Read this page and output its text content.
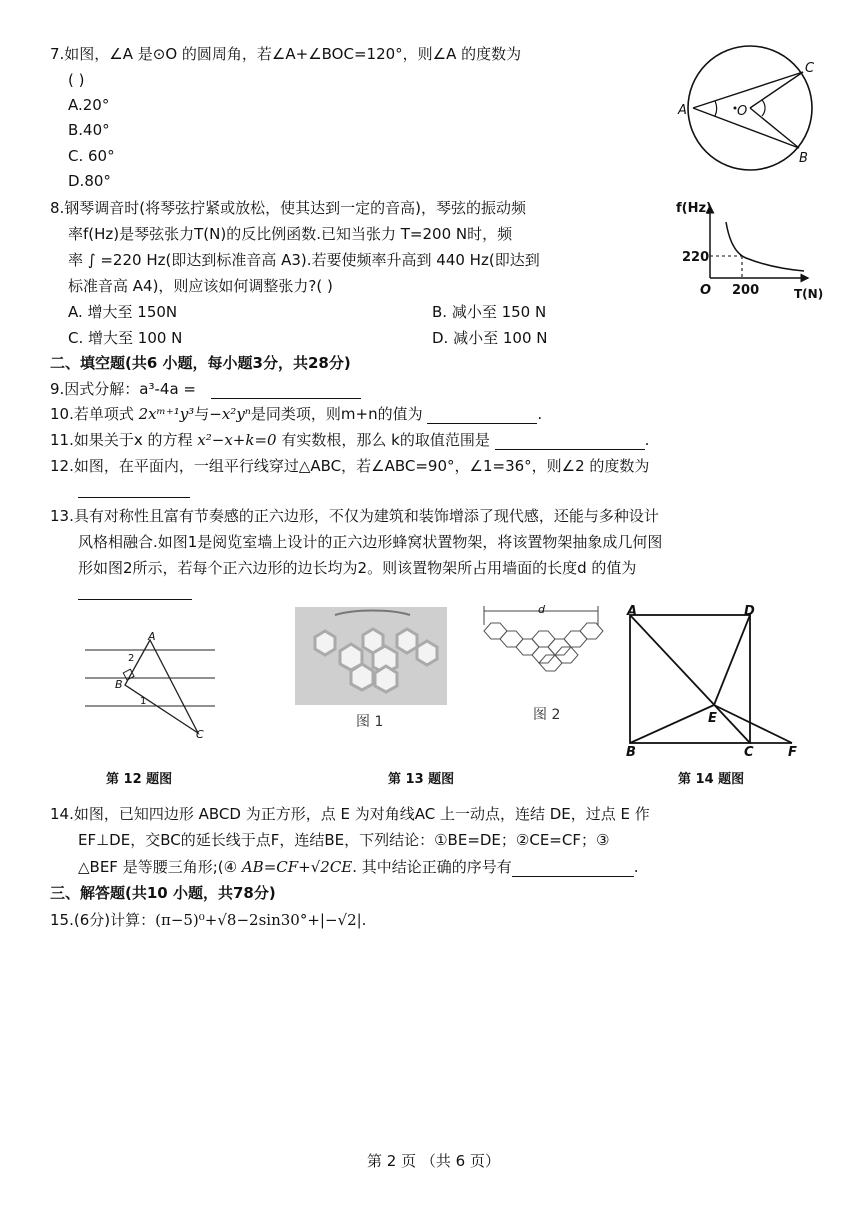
7.如图，∠A 是⊙O 的圆周角，若∠A+∠BOC=120°，则∠A 的度数为
( )
A.20°
B.40°
C. 60°
D.80°
A
C
B
O
8.钢琴调音时(将琴弦拧紧或放松，使其达到一定的音高)，琴弦的振动频
率f(Hz)是琴弦张力T(N)的反比例函数.已知当张力 T=200 N时，频
率 ∫ =220 Hz(即达到标准音高 A3).若要使频率升高到 440 Hz(即达到
标准音高 A4)，则应该如何调整张力?( )
A. 增大至 150N	B. 减小至 150 N
C. 增大至 100 N	D. 减小至 100 N
f(Hz)
T(N)
O
220
200
二、填空题(共6 小题，每小题3分，共28分)
9.因式分解：a³-4a =
10.若单项式 2xᵐ⁺¹y³与−x²yⁿ是同类项，则m+n的值为	.
11.如果关于x 的方程 x²−x+k=0 有实数根，那么 k的取值范围是	.
12.如图，在平面内，一组平行线穿过△ABC，若∠ABC=90°，∠1=36°，则∠2 的度数为
13.具有对称性且富有节奏感的正六边形，不仅为建筑和装饰增添了现代感，还能与多种设计
风格相融合.如图1是阅览室墙上设计的正六边形蜂窝状置物架，将该置物架抽象成几何图
形如图2所示，若每个正六边形的边长均为2。则该置物架所占用墙面的长度d 的值为
A
B
C
1
2
图 1
d
图 2
A	D
B	C	F
E
第 12 题图	第 13 题图	第 14 题图
14.如图，已知四边形 ABCD 为正方形，点 E 为对角线AC 上一动点，连结 DE，过点 E 作
EF⊥DE，交BC的延长线于点F，连结BE，下列结论：①BE=DE；②CE=CF；③
△BEF 是等腰三角形;(④ AB=CF+√2CE. 其中结论正确的序号有	.
三、解答题(共10 小题，共78分)
15.(6分)计算：(π−5)⁰+√8−2sin30°+|−√2|.
第 2 页 （共 6 页）
